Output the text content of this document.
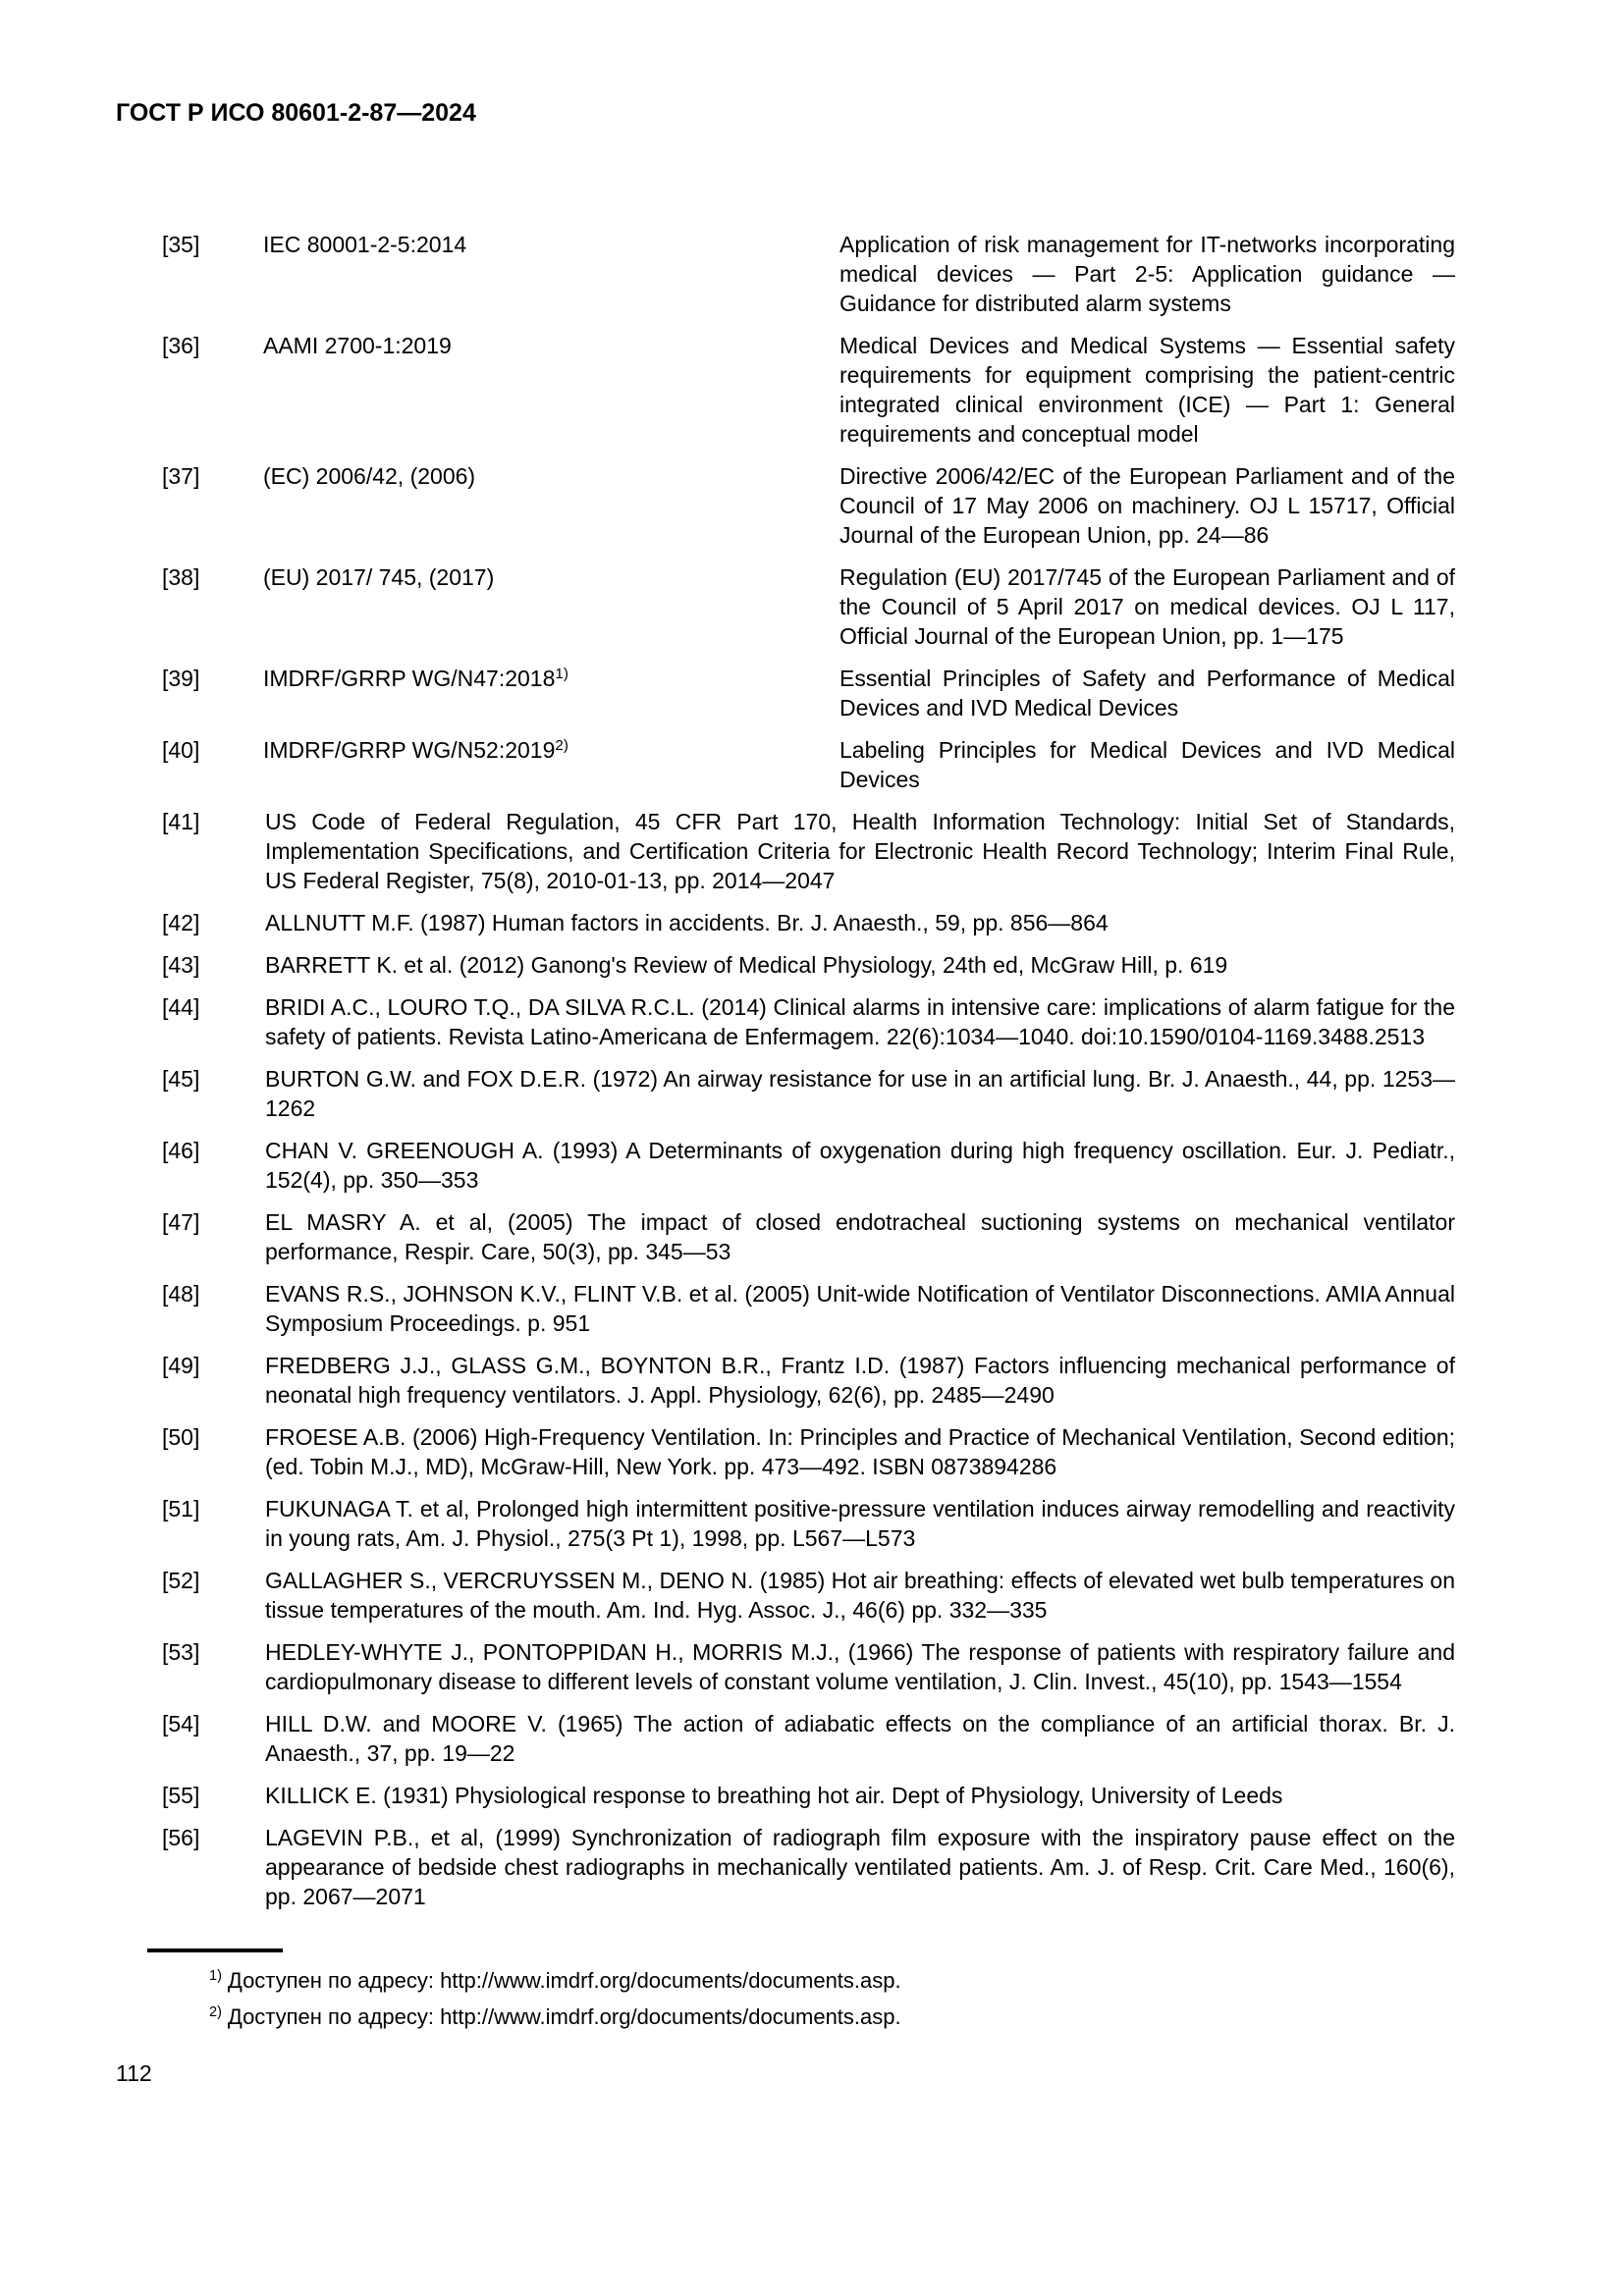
ГОСТ Р ИСО 80601-2-87—2024
[35]	IEC 80001-2-5:2014	Application of risk management for IT-networks incorporating medical devices — Part 2-5: Application guidance — Guidance for distributed alarm systems
[36]	AAMI 2700-1:2019	Medical Devices and Medical Systems — Essential safety requirements for equipment comprising the patient-centric integrated clinical environment (ICE) — Part 1: General requirements and conceptual model
[37]	(EC) 2006/42, (2006)	Directive 2006/42/EC of the European Parliament and of the Council of 17 May 2006 on machinery. OJ L 15717, Official Journal of the European Union, pp. 24—86
[38]	(EU) 2017/ 745, (2017)	Regulation (EU) 2017/745 of the European Parliament and of the Council of 5 April 2017 on medical devices. OJ L 117, Official Journal of the European Union, pp. 1—175
[39]	IMDRF/GRRP WG/N47:2018$^{1)}$	Essential Principles of Safety and Performance of Medical Devices and IVD Medical Devices
[40]	IMDRF/GRRP WG/N52:2019$^{2)}$	Labeling Principles for Medical Devices and IVD Medical Devices
[41]	US Code of Federal Regulation, 45 CFR Part 170, Health Information Technology: Initial Set of Standards, Implementation Specifications, and Certification Criteria for Electronic Health Record Technology; Interim Final Rule, US Federal Register, 75(8), 2010-01-13, pp. 2014—2047
[42]	ALLNUTT M.F. (1987) Human factors in accidents. Br. J. Anaesth., 59, pp. 856—864
[43]	BARRETT K. et al. (2012) Ganong's Review of Medical Physiology, 24th ed, McGraw Hill, p. 619
[44]	BRIDI A.C., LOURO T.Q., DA SILVA R.C.L. (2014) Clinical alarms in intensive care: implications of alarm fatigue for the safety of patients. Revista Latino-Americana de Enfermagem. 22(6):1034—1040. doi:10.1590/0104-1169.3488.2513
[45]	BURTON G.W. and FOX D.E.R. (1972) An airway resistance for use in an artificial lung. Br. J. Anaesth., 44, pp. 1253—1262
[46]	CHAN V. GREENOUGH A. (1993) A Determinants of oxygenation during high frequency oscillation. Eur. J. Pediatr., 152(4), pp. 350—353
[47]	EL MASRY A. et al, (2005) The impact of closed endotracheal suctioning systems on mechanical ventilator performance, Respir. Care, 50(3), pp. 345—53
[48]	EVANS R.S., JOHNSON K.V., FLINT V.B. et al. (2005) Unit-wide Notification of Ventilator Disconnections. AMIA Annual Symposium Proceedings. p. 951
[49]	FREDBERG J.J., GLASS G.M., BOYNTON B.R., Frantz I.D. (1987) Factors influencing mechanical performance of neonatal high frequency ventilators. J. Appl. Physiology, 62(6), pp. 2485—2490
[50]	FROESE A.B. (2006) High-Frequency Ventilation. In: Principles and Practice of Mechanical Ventilation, Second edition; (ed. Tobin M.J., MD), McGraw-Hill, New York. pp. 473—492. ISBN 0873894286
[51]	FUKUNAGA T. et al, Prolonged high intermittent positive-pressure ventilation induces airway remodelling and reactivity in young rats, Am. J. Physiol., 275(3 Pt 1), 1998, pp. L567—L573
[52]	GALLAGHER S., VERCRUYSSEN M., DENO N. (1985) Hot air breathing: effects of elevated wet bulb temperatures on tissue temperatures of the mouth. Am. Ind. Hyg. Assoc. J., 46(6) pp. 332—335
[53]	HEDLEY-WHYTE J., PONTOPPIDAN H., MORRIS M.J., (1966) The response of patients with respiratory failure and cardiopulmonary disease to different levels of constant volume ventilation, J. Clin. Invest., 45(10), pp. 1543—1554
[54]	HILL D.W. and MOORE V. (1965) The action of adiabatic effects on the compliance of an artificial thorax. Br. J. Anaesth., 37, pp. 19—22
[55]	KILLICK E. (1931) Physiological response to breathing hot air. Dept of Physiology, University of Leeds
[56]	LAGEVIN P.B., et al, (1999) Synchronization of radiograph film exposure with the inspiratory pause effect on the appearance of bedside chest radiographs in mechanically ventilated patients. Am. J. of Resp. Crit. Care Med., 160(6), pp. 2067—2071
$^{1)}$ Доступен по адресу: http://www.imdrf.org/documents/documents.asp.
$^{2)}$ Доступен по адресу: http://www.imdrf.org/documents/documents.asp.
112
